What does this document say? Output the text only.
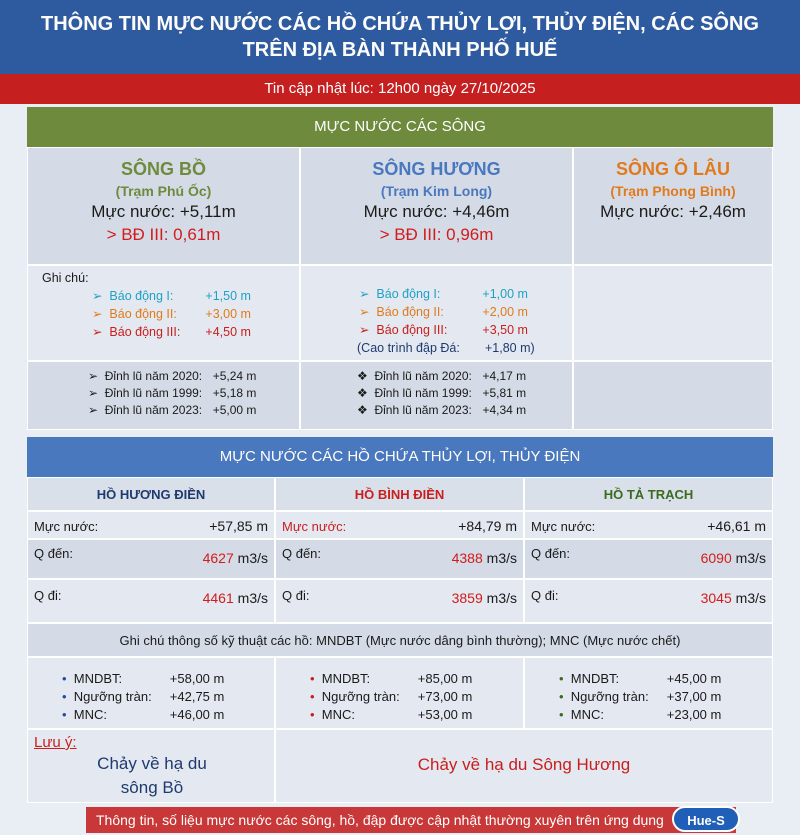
THÔNG TIN MỰC NƯỚC CÁC HỒ CHỨA THỦY LỢI, THỦY ĐIỆN, CÁC SÔNG
TRÊN ĐỊA BÀN THÀNH PHỐ HUẾ
Tin cập nhật lúc: 12h00 ngày 27/10/2025
MỰC NƯỚC CÁC SÔNG
SÔNG BỒ
(Trạm Phú Ốc)
Mực nước: +5,11m
> BĐ III: 0,61m
SÔNG HƯƠNG
(Trạm Kim Long)
Mực nước: +4,46m
> BĐ III: 0,96m
SÔNG Ô LÂU
(Trạm Phong Bình)
Mực nước: +2,46m
Ghi chú:
➢  Báo động I:	+1,50 m
➢  Báo động II: +3,00 m
➢  Báo động III: +4,50 m
➢  Báo động I:	+1,00 m
➢  Báo động II:	+2,00 m
➢  Báo động III:	+3,50 m
(Cao trình đập Đá: +1,80 m)
➢  Đỉnh lũ năm 2020: +5,24 m
➢  Đỉnh lũ năm 1999: +5,18 m
➢  Đỉnh lũ năm 2023: +5,00 m
❖  Đỉnh lũ năm 2020: +4,17 m
❖  Đỉnh lũ năm 1999: +5,81 m
❖  Đỉnh lũ năm 2023: +4,34 m
MỰC NƯỚC CÁC HỒ CHỨA THỦY LỢI, THỦY ĐIỆN
HỒ HƯƠNG ĐIỀN
Mực nước:	+57,85 m
Q đến:	4627 m3/s
Q đi:	4461 m3/s
HỒ BÌNH ĐIỀN
Mực nước:	+84,79 m
Q đến:	4388 m3/s
Q đi:	3859 m3/s
HỒ TẢ TRẠCH
Mực nước:	+46,61 m
Q đến:	6090 m3/s
Q đi:	3045 m3/s
Ghi chú thông số kỹ thuật các hồ: MNDBT (Mực nước dâng bình thường); MNC (Mực nước chết)
•  MNDBT:	+58,00 m
•  Ngưỡng tràn: +42,75 m
•  MNC:	+46,00 m
•  MNDBT:	+85,00 m
•  Ngưỡng tràn: +73,00 m
•  MNC:	+53,00 m
•  MNDBT:	+45,00 m
•  Ngưỡng tràn: +37,00 m
•  MNC:	+23,00 m
Lưu ý:
Chảy về hạ du sông Bồ
Chảy về hạ du Sông Hương
Thông tin, số liệu mực nước các sông, hồ, đập được cập nhật thường xuyên trên ứng dụng	Hue-S
